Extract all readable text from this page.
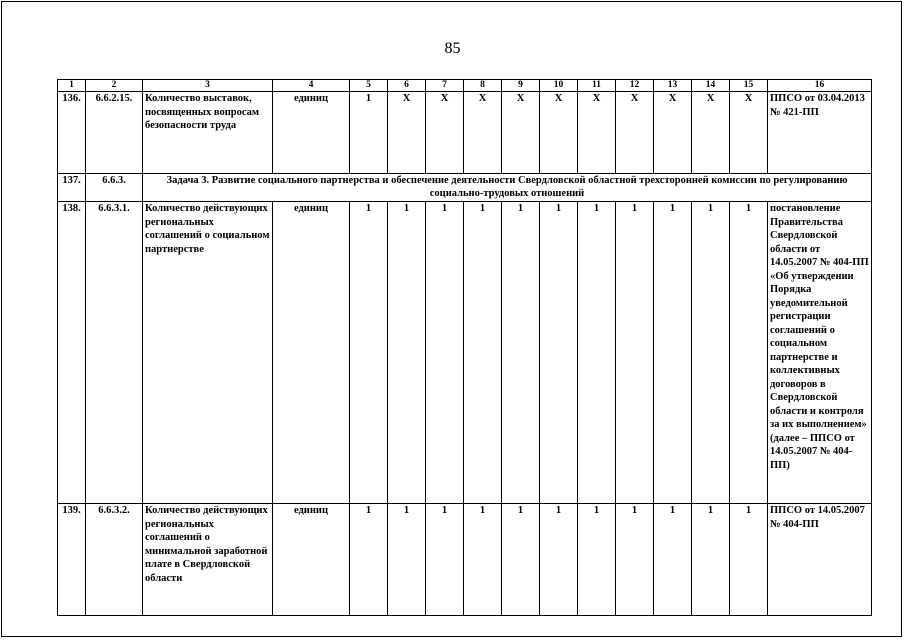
85
1	2	3	4	5	6	7	8	9	10	11	12	13	14	15	16
136.	6.6.2.15.	Количество выставок, посвященных вопросам безопасности труда	единиц	1	X	X	X	X	X	X	X	X	X	X	ППСО от 03.04.2013 № 421-ПП
137.	6.6.3.	Задача 3. Развитие социального партнерства и обеспечение деятельности Свердловской областной трехсторонней комиссии по регулированию социально-трудовых отношений													
138.	6.6.3.1.	Количество действующих региональных соглашений о социальном партнерстве	единиц	1	1	1	1	1	1	1	1	1	1	1	постановление Правительства Свердловской области от 14.05.2007 № 404-ПП «Об утверждении Порядка уведомительной регистрации соглашений о социальном партнерстве и коллективных договоров в Свердловской области и контроля за их выполнением» (далее – ППСО от 14.05.2007 № 404-ПП)
139.	6.6.3.2.	Количество действующих региональных соглашений о минимальной заработной плате в Свердловской области	единиц	1	1	1	1	1	1	1	1	1	1	1	ППСО от 14.05.2007 № 404-ПП
